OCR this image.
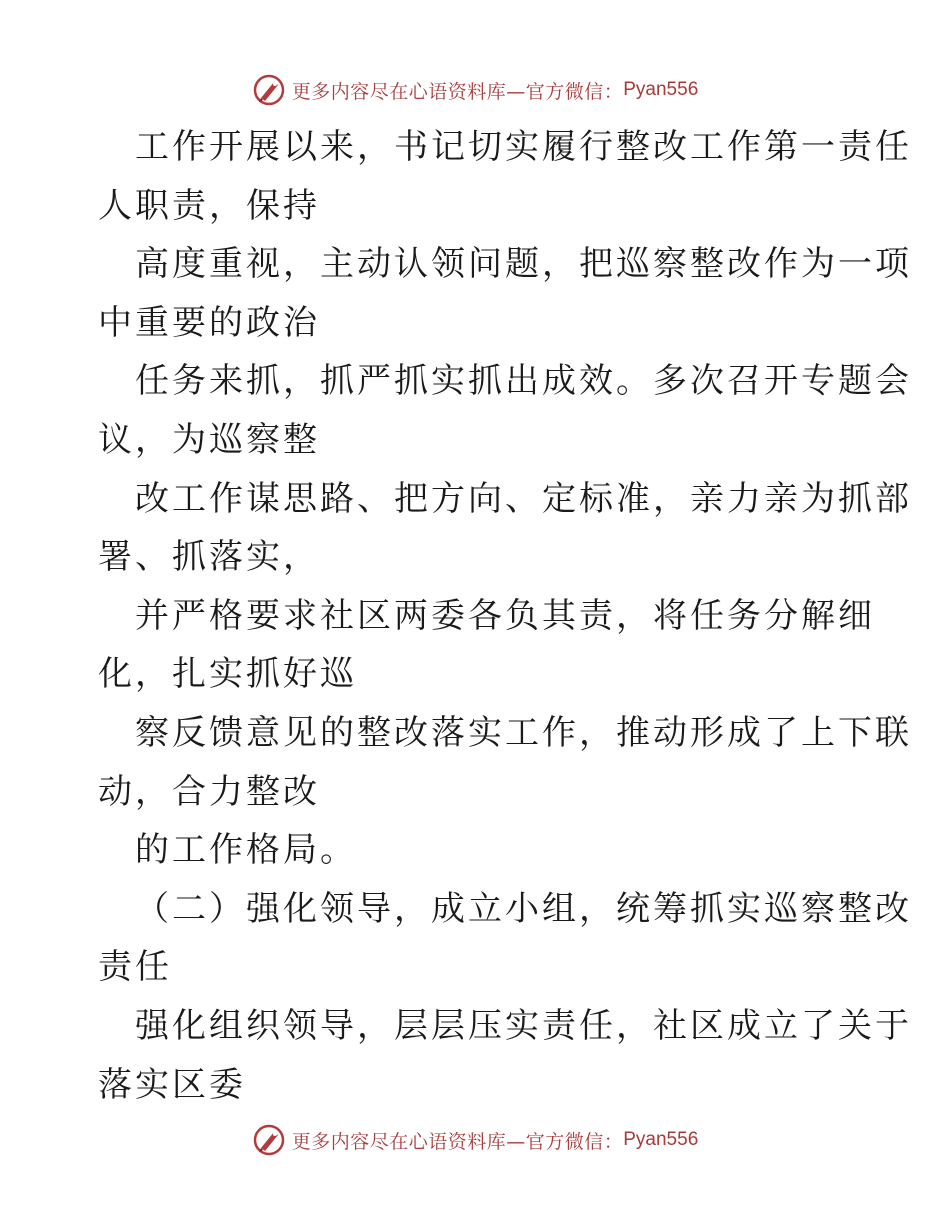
更多内容尽在心语资料库—官方微信： Pyan556
工作开展以来，书记切实履行整改工作第一责任
人职责，保持
高度重视，主动认领问题，把巡察整改作为一项
中重要的政治
任务来抓，抓严抓实抓出成效。多次召开专题会
议，为巡察整
改工作谋思路、把方向、定标准，亲力亲为抓部
署、抓落实，
并严格要求社区两委各负其责，将任务分解细
化，扎实抓好巡
察反馈意见的整改落实工作，推动形成了上下联
动，合力整改
的工作格局。
（二）强化领导，成立小组，统筹抓实巡察整改
责任
强化组织领导，层层压实责任，社区成立了关于
落实区委
更多内容尽在心语资料库—官方微信： Pyan556
